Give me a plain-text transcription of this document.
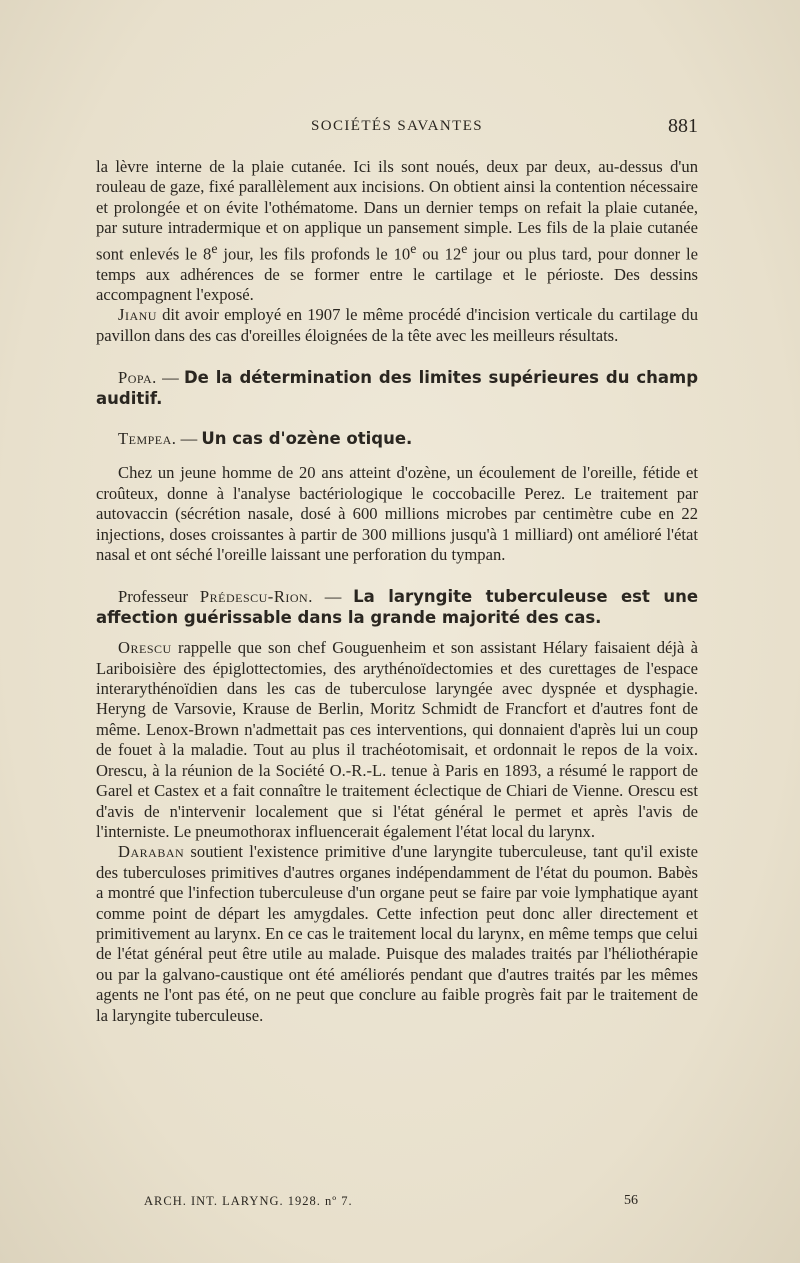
SOCIÉTÉS SAVANTES	881

la lèvre interne de la plaie cutanée. Ici ils sont noués, deux par deux, au-dessus d'un rouleau de gaze, fixé parallèlement aux incisions. On obtient ainsi la contention nécessaire et prolongée et on évite l'othématome. Dans un dernier temps on refait la plaie cutanée, par suture intradermique et on applique un pansement simple. Les fils de la plaie cutanée sont enlevés le 8e jour, les fils profonds le 10e ou 12e jour ou plus tard, pour donner le temps aux adhérences de se former entre le cartilage et le périoste. Des dessins accompagnent l'exposé.

Jianu dit avoir employé en 1907 le même procédé d'incision verticale du cartilage du pavillon dans des cas d'oreilles éloignées de la tête avec les meilleurs résultats.

Popa. — De la détermination des limites supérieures du champ auditif.

Tempea. — Un cas d'ozène otique.

Chez un jeune homme de 20 ans atteint d'ozène, un écoulement de l'oreille, fétide et croûteux, donne à l'analyse bactériologique le coccobacille Perez. Le traitement par autovaccin (sécrétion nasale, dosé à 600 millions microbes par centimètre cube en 22 injections, doses croissantes à partir de 300 millions jusqu'à 1 milliard) ont amélioré l'état nasal et ont séché l'oreille laissant une perforation du tympan.

Professeur Prédescu-Rion. — La laryngite tuberculeuse est une affection guérissable dans la grande majorité des cas.

Orescu rappelle que son chef Gouguenheim et son assistant Hélary faisaient déjà à Lariboisière des épiglottectomies, des arythénoïdectomies et des curettages de l'espace interarythénoïdien dans les cas de tuberculose laryngée avec dyspnée et dysphagie. Heryng de Varsovie, Krause de Berlin, Moritz Schmidt de Francfort et d'autres font de même. Lenox-Brown n'admettait pas ces interventions, qui donnaient d'après lui un coup de fouet à la maladie. Tout au plus il trachéotomisait, et ordonnait le repos de la voix. Orescu, à la réunion de la Société O.-R.-L. tenue à Paris en 1893, a résumé le rapport de Garel et Castex et a fait connaître le traitement éclectique de Chiari de Vienne. Orescu est d'avis de n'intervenir localement que si l'état général le permet et après l'avis de l'interniste. Le pneumothorax influencerait également l'état local du larynx.

Daraban soutient l'existence primitive d'une laryngite tuberculeuse, tant qu'il existe des tuberculoses primitives d'autres organes indépendamment de l'état du poumon. Babès a montré que l'infection tuberculeuse d'un organe peut se faire par voie lymphatique ayant comme point de départ les amygdales. Cette infection peut donc aller directement et primitivement au larynx. En ce cas le traitement local du larynx, en même temps que celui de l'état général peut être utile au malade. Puisque des malades traités par l'héliothérapie ou par la galvano-caustique ont été améliorés pendant que d'autres traités par les mêmes agents ne l'ont pas été, on ne peut que conclure au faible progrès fait par le traitement de la laryngite tuberculeuse.

ARCH. INT. LARYNG. 1928. nº 7.	56
